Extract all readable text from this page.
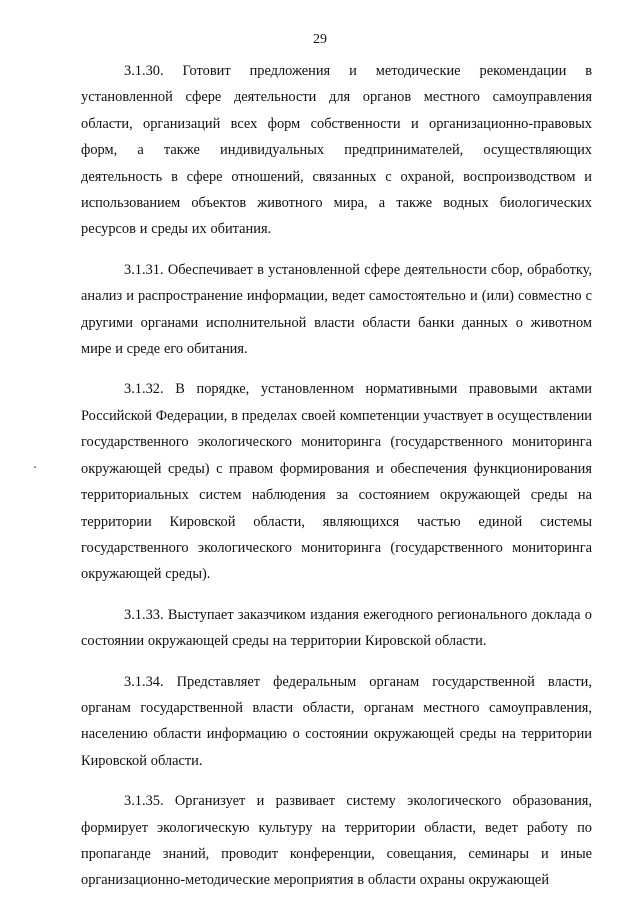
29

3.1.30. Готовит предложения и методические рекомендации в установленной сфере деятельности для органов местного самоуправления области, организаций всех форм собственности и организационно-правовых форм, а также индивидуальных предпринимателей, осуществляющих деятельность в сфере отношений, связанных с охраной, воспроизводством и использованием объектов животного мира, а также водных биологических ресурсов и среды их обитания.

3.1.31. Обеспечивает в установленной сфере деятельности сбор, обработку, анализ и распространение информации, ведет самостоятельно и (или) совместно с другими органами исполнительной власти области банки данных о животном мире и среде его обитания.

3.1.32. В порядке, установленном нормативными правовыми актами Российской Федерации, в пределах своей компетенции участвует в осуществлении государственного экологического мониторинга (государственного мониторинга окружающей среды) с правом формирования и обеспечения функционирования территориальных систем наблюдения за состоянием окружающей среды на территории Кировской области, являющихся частью единой системы государственного экологического мониторинга (государственного мониторинга окружающей среды).

3.1.33. Выступает заказчиком издания ежегодного регионального доклада о состоянии окружающей среды на территории Кировской области.

3.1.34. Представляет федеральным органам государственной власти, органам государственной власти области, органам местного самоуправления, населению области информацию о состоянии окружающей среды на территории Кировской области.

3.1.35. Организует и развивает систему экологического образования, формирует экологическую культуру на территории области, ведет работу по пропаганде знаний, проводит конференции, совещания, семинары и иные организационно-методические мероприятия в области охраны окружающей
